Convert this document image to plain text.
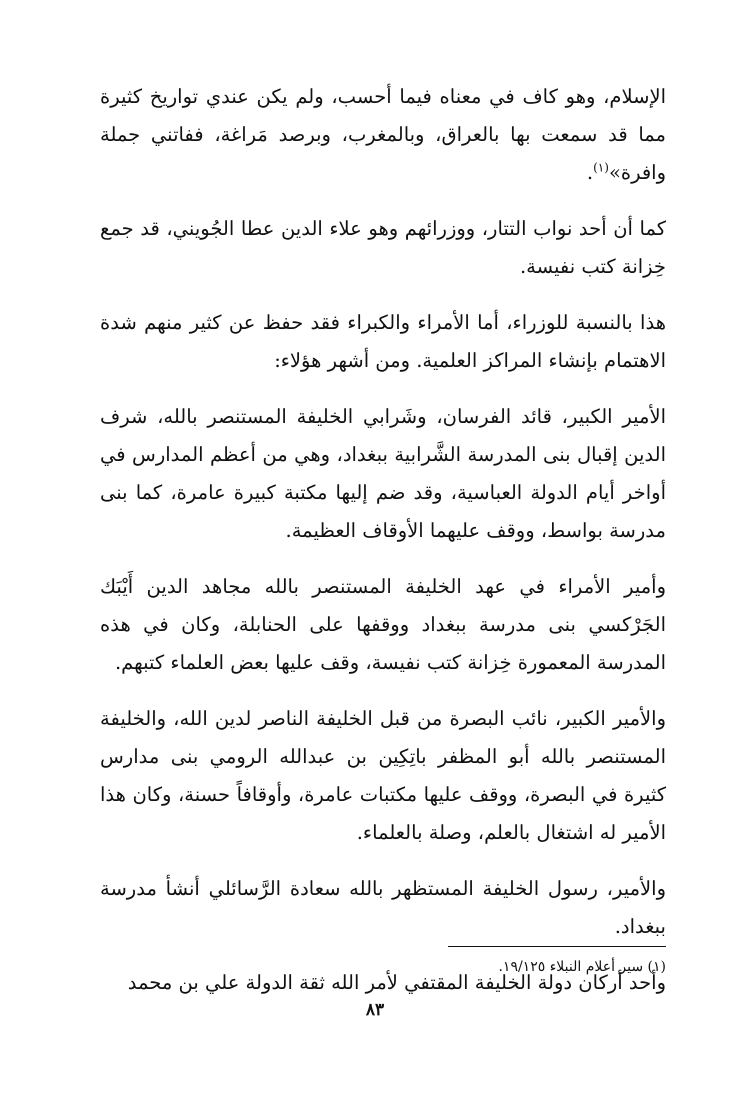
الإسلام، وهو كاف في معناه فيما أحسب، ولم يكن عندي تواريخ كثيرة مما قد سمعت بها بالعراق، وبالمغرب، وبرصد مَراغة، ففاتني جملة وافرة»$^{(١)}$.

كما أن أحد نواب التتار، ووزرائهم وهو علاء الدين عطا الجُويني، قد جمع خِزانة كتب نفيسة.

هذا بالنسبة للوزراء، أما الأمراء والكبراء فقد حفظ عن كثير منهم شدة الاهتمام بإنشاء المراكز العلمية. ومن أشهر هؤلاء:

الأمير الكبير، قائد الفرسان، وشَرابي الخليفة المستنصر بالله، شرف الدين إقبال بنى المدرسة الشَّرابية ببغداد، وهي من أعظم المدارس في أواخر أيام الدولة العباسية، وقد ضم إليها مكتبة كبيرة عامرة، كما بنى مدرسة بواسط، ووقف عليهما الأوقاف العظيمة.

وأمير الأمراء في عهد الخليفة المستنصر بالله مجاهد الدين أَيْبَك الجَرْكسي بنى مدرسة ببغداد ووقفها على الحنابلة، وكان في هذه المدرسة المعمورة خِزانة كتب نفيسة، وقف عليها بعض العلماء كتبهم.

والأمير الكبير، نائب البصرة من قبل الخليفة الناصر لدين الله، والخليفة المستنصر بالله أبو المظفر باتِكِين بن عبدالله الرومي بنى مدارس كثيرة في البصرة، ووقف عليها مكتبات عامرة، وأوقافاً حسنة، وكان هذا الأمير له اشتغال بالعلم، وصلة بالعلماء.

والأمير، رسول الخليفة المستظهر بالله سعادة الرَّسائلي أنشأ مدرسة ببغداد.

وأحد أركان دولة الخليفة المقتفي لأمر الله ثقة الدولة علي بن محمد

(١) سير أعلام النبلاء ١٩/١٢٥.
٨٣
